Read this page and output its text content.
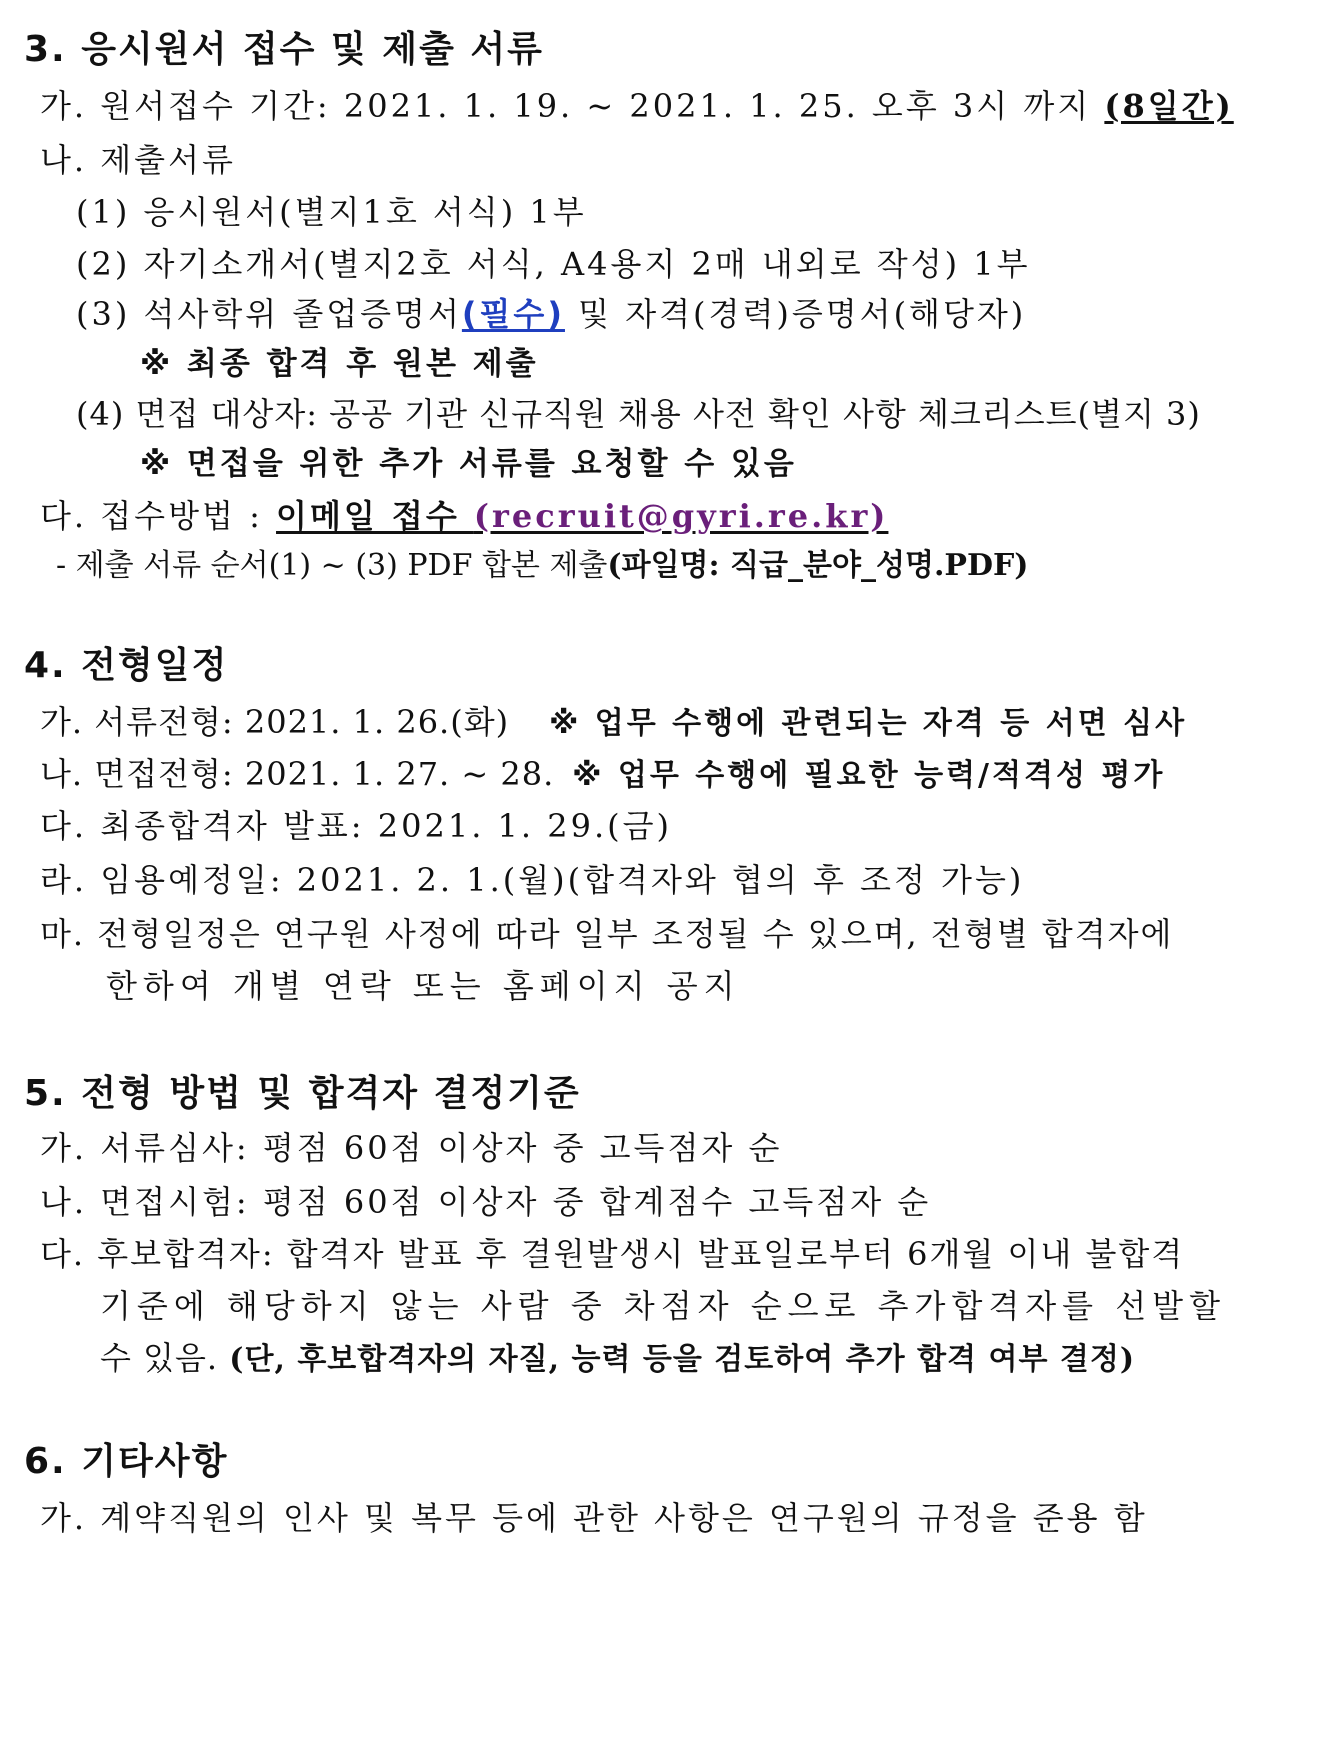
3. 응시원서 접수 및 제출 서류
가. 원서접수 기간: 2021. 1. 19. ~ 2021. 1. 25. 오후 3시 까지 (8일간)
나. 제출서류
(1) 응시원서(별지1호 서식) 1부
(2) 자기소개서(별지2호 서식, A4용지 2매 내외로 작성) 1부
(3) 석사학위 졸업증명서(필수) 및 자격(경력)증명서(해당자)
※ 최종 합격 후 원본 제출
(4) 면접 대상자: 공공 기관 신규직원 채용 사전 확인 사항 체크리스트(별지 3)
※ 면접을 위한 추가 서류를 요청할 수 있음
다. 접수방법 : 이메일 접수 (recruit@gyri.re.kr)
- 제출 서류 순서(1) ~ (3) PDF 합본 제출(파일명: 직급_분야_성명.PDF)
4. 전형일정
가. 서류전형: 2021. 1. 26.(화) ※ 업무 수행에 관련되는 자격 등 서면 심사
나. 면접전형: 2021. 1. 27. ~ 28. ※ 업무 수행에 필요한 능력/적격성 평가
다. 최종합격자 발표: 2021. 1. 29.(금)
라. 임용예정일: 2021. 2. 1.(월)(합격자와 협의 후 조정 가능)
마. 전형일정은 연구원 사정에 따라 일부 조정될 수 있으며, 전형별 합격자에
한하여 개별 연락 또는 홈페이지 공지
5. 전형 방법 및 합격자 결정기준
가. 서류심사: 평점 60점 이상자 중 고득점자 순
나. 면접시험: 평점 60점 이상자 중 합계점수 고득점자 순
다. 후보합격자: 합격자 발표 후 결원발생시 발표일로부터 6개월 이내 불합격
기준에 해당하지 않는 사람 중 차점자 순으로 추가합격자를 선발할
수 있음. (단, 후보합격자의 자질, 능력 등을 검토하여 추가 합격 여부 결정)
6. 기타사항
가. 계약직원의 인사 및 복무 등에 관한 사항은 연구원의 규정을 준용 함
